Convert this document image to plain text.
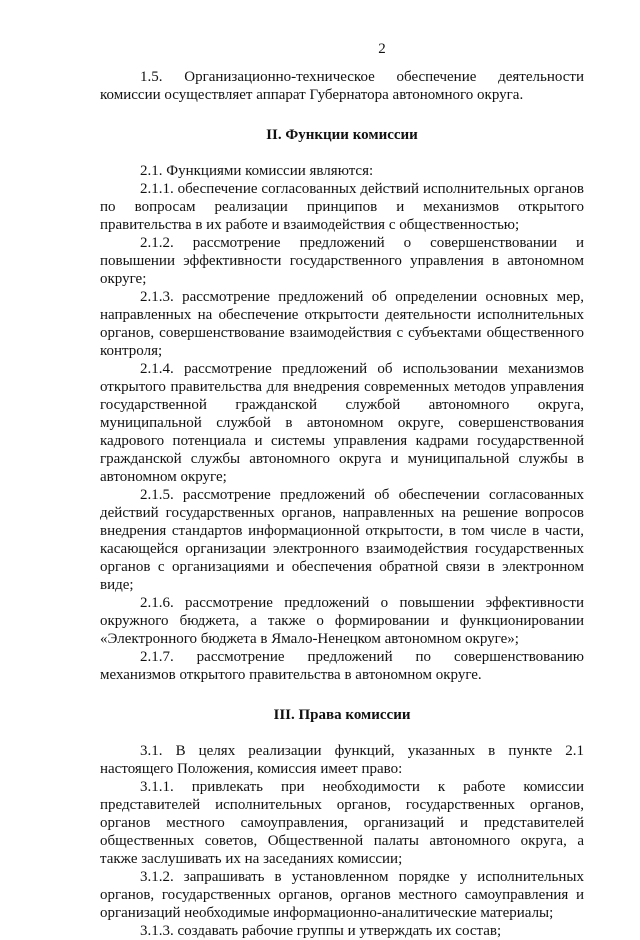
2

1.5. Организационно-техническое обеспечение деятельности комиссии осуществляет аппарат Губернатора автономного округа.

II. Функции комиссии

2.1. Функциями комиссии являются:

2.1.1. обеспечение согласованных действий исполнительных органов по вопросам реализации принципов и механизмов открытого правительства в их работе и взаимодействия с общественностью;

2.1.2. рассмотрение предложений о совершенствовании и повышении эффективности государственного управления в автономном округе;

2.1.3. рассмотрение предложений об определении основных мер, направленных на обеспечение открытости деятельности исполнительных органов, совершенствование взаимодействия с субъектами общественного контроля;

2.1.4. рассмотрение предложений об использовании механизмов открытого правительства для внедрения современных методов управления государственной гражданской службой автономного округа, муниципальной службой в автономном округе, совершенствования кадрового потенциала и системы управления кадрами государственной гражданской службы автономного округа и муниципальной службы в автономном округе;

2.1.5. рассмотрение предложений об обеспечении согласованных действий государственных органов, направленных на решение вопросов внедрения стандартов информационной открытости, в том числе в части, касающейся организации электронного взаимодействия государственных органов с организациями и обеспечения обратной связи в электронном виде;

2.1.6. рассмотрение предложений о повышении эффективности окружного бюджета, а также о формировании и функционировании «Электронного бюджета в Ямало-Ненецком автономном округе»;

2.1.7. рассмотрение предложений по совершенствованию механизмов открытого правительства в автономном округе.

III. Права комиссии

3.1. В целях реализации функций, указанных в пункте 2.1 настоящего Положения, комиссия имеет право:

3.1.1. привлекать при необходимости к работе комиссии представителей исполнительных органов, государственных органов, органов местного самоуправления, организаций и представителей общественных советов, Общественной палаты автономного округа, а также заслушивать их на заседаниях комиссии;

3.1.2. запрашивать в установленном порядке у исполнительных органов, государственных органов, органов местного самоуправления и организаций необходимые информационно-аналитические материалы;

3.1.3. создавать рабочие группы и утверждать их состав;
